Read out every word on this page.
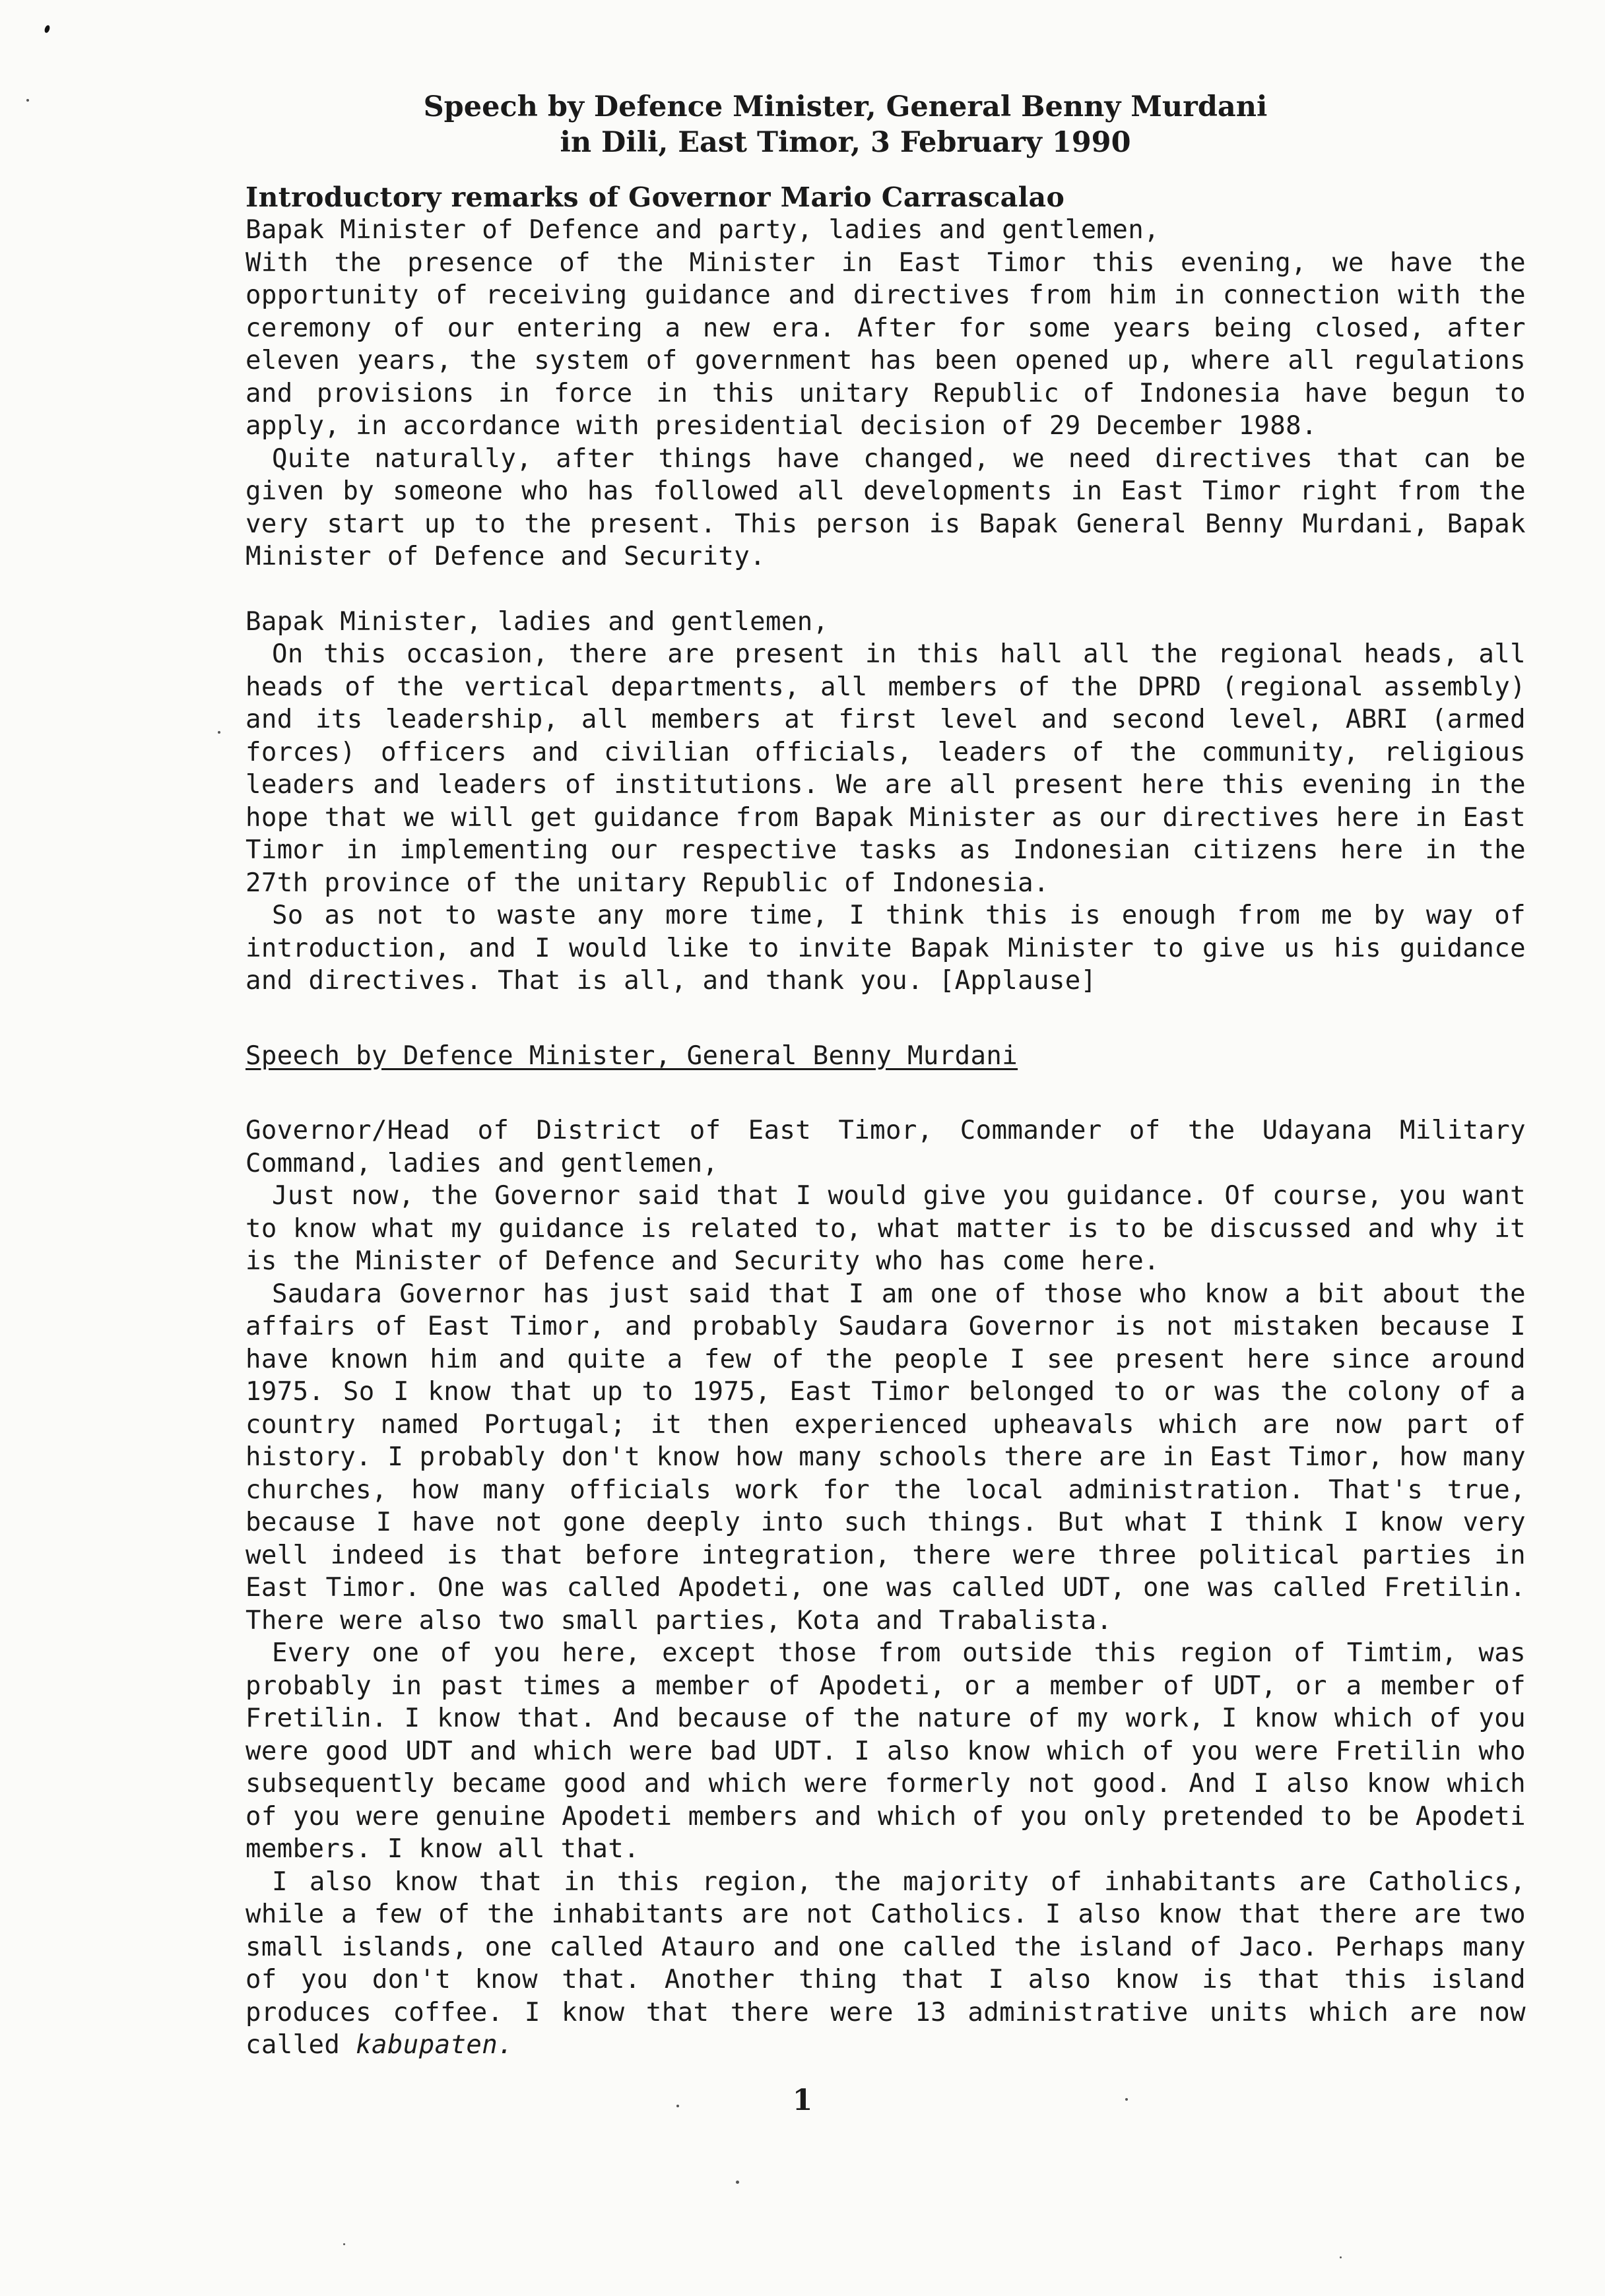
Speech by Defence Minister, General Benny Murdani
in Dili, East Timor, 3 February 1990
Introductory remarks of Governor Mario Carrascalao

Bapak Minister of Defence and party, ladies and gentlemen,

With the presence of the Minister in East Timor this evening, we have the opportunity of receiving guidance and directives from him in connection with the ceremony of our entering a new era. After for some years being closed, after eleven years, the system of government has been opened up, where all regulations and provisions in force in this unitary Republic of Indonesia have begun to apply, in accordance with presidential decision of 29 December 1988.

Quite naturally, after things have changed, we need directives that can be given by someone who has followed all developments in East Timor right from the very start up to the present. This person is Bapak General Benny Murdani, Bapak Minister of Defence and Security.

Bapak Minister, ladies and gentlemen,

On this occasion, there are present in this hall all the regional heads, all heads of the vertical departments, all members of the DPRD (regional assembly) and its leadership, all members at first level and second level, ABRI (armed forces) officers and civilian officials, leaders of the community, religious leaders and leaders of institutions. We are all present here this evening in the hope that we will get guidance from Bapak Minister as our directives here in East Timor in implementing our respective tasks as Indonesian citizens here in the 27th province of the unitary Republic of Indonesia.

So as not to waste any more time, I think this is enough from me by way of introduction, and I would like to invite Bapak Minister to give us his guidance and directives. That is all, and thank you. [Applause]

Speech by Defence Minister, General Benny Murdani

Governor/Head of District of East Timor, Commander of the Udayana Military Command, ladies and gentlemen,

Just now, the Governor said that I would give you guidance. Of course, you want to know what my guidance is related to, what matter is to be discussed and why it is the Minister of Defence and Security who has come here.

Saudara Governor has just said that I am one of those who know a bit about the affairs of East Timor, and probably Saudara Governor is not mistaken because I have known him and quite a few of the people I see present here since around 1975. So I know that up to 1975, East Timor belonged to or was the colony of a country named Portugal; it then experienced upheavals which are now part of history. I probably don't know how many schools there are in East Timor, how many churches, how many officials work for the local administration. That's true, because I have not gone deeply into such things. But what I think I know very well indeed is that before integration, there were three political parties in East Timor. One was called Apodeti, one was called UDT, one was called Fretilin. There were also two small parties, Kota and Trabalista.

Every one of you here, except those from outside this region of Timtim, was probably in past times a member of Apodeti, or a member of UDT, or a member of Fretilin. I know that. And because of the nature of my work, I know which of you were good UDT and which were bad UDT. I also know which of you were Fretilin who subsequently became good and which were formerly not good. And I also know which of you were genuine Apodeti members and which of you only pretended to be Apodeti members. I know all that.

I also know that in this region, the majority of inhabitants are Catholics, while a few of the inhabitants are not Catholics. I also know that there are two small islands, one called Atauro and one called the island of Jaco. Perhaps many of you don't know that. Another thing that I also know is that this island produces coffee. I know that there were 13 administrative units which are now called kabupaten.

1
